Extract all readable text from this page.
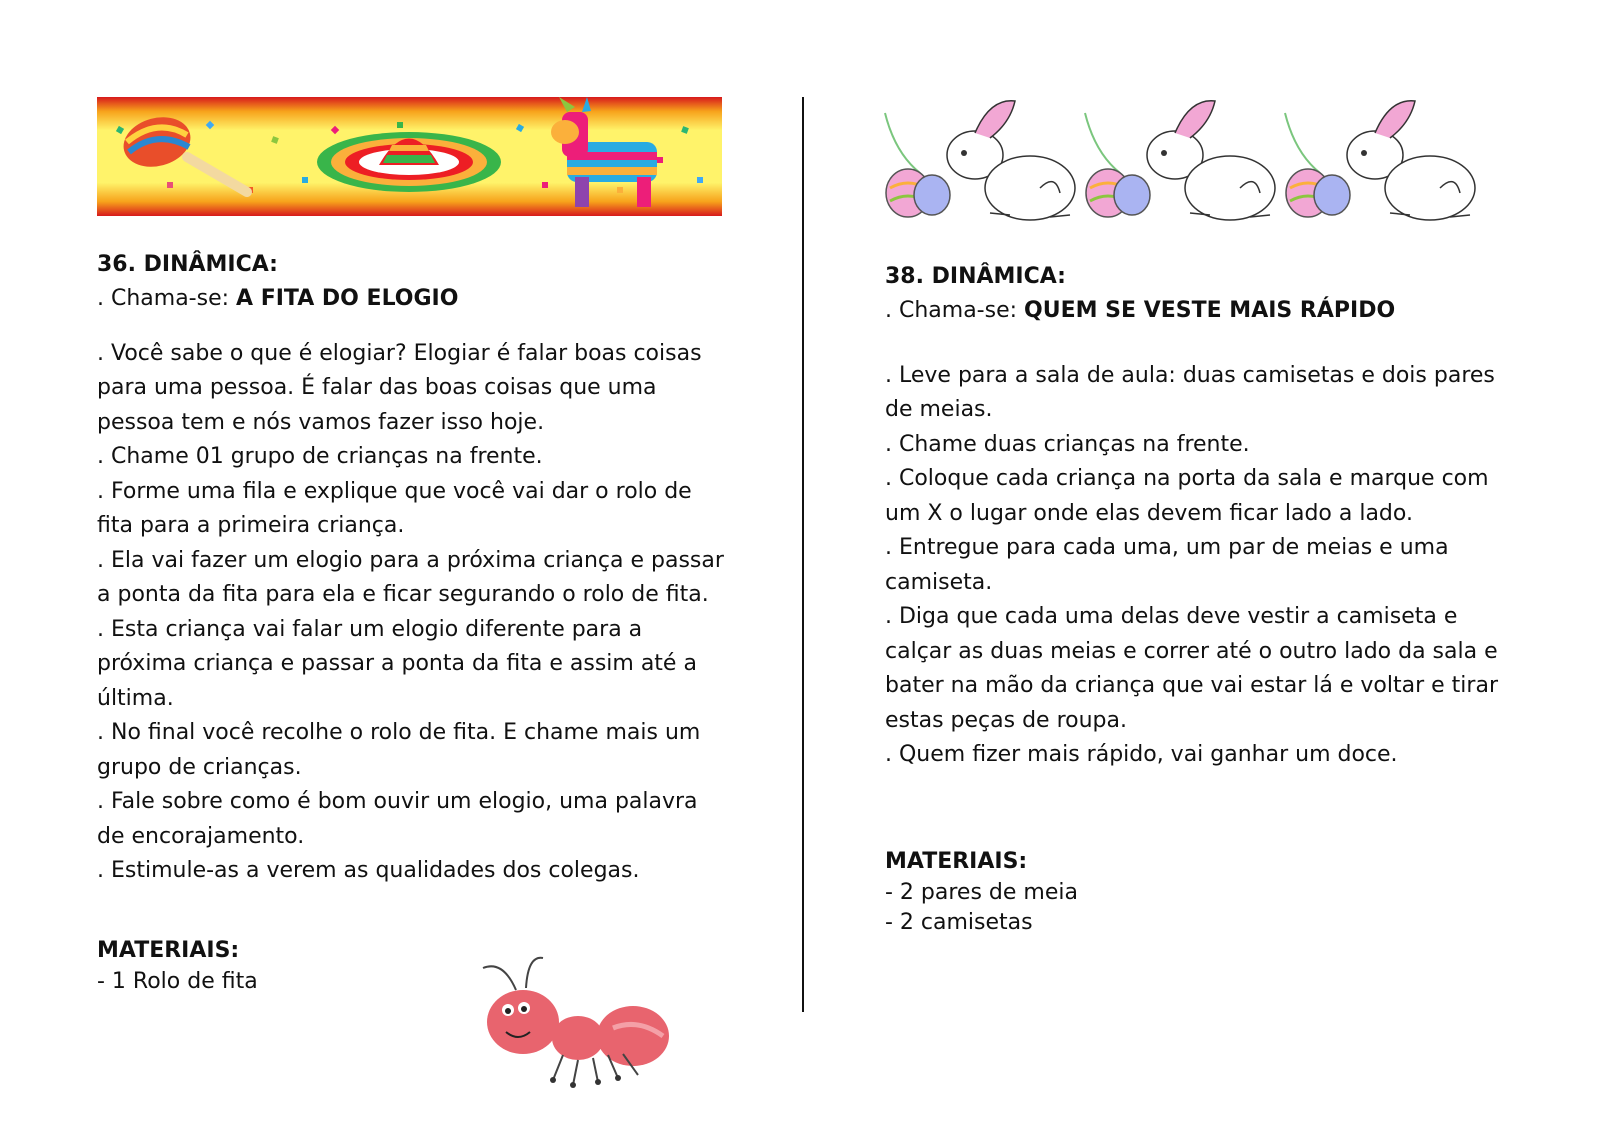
36. DINÂMICA:

. Chama-se: A FITA DO ELOGIO

. Você sabe o que é elogiar? Elogiar é falar boas coisas

para uma pessoa. É falar das boas coisas que uma

pessoa tem e nós vamos fazer isso hoje.

. Chame 01 grupo de crianças na frente.

. Forme uma fila e explique que você vai dar o rolo de

fita para a primeira criança.

. Ela vai fazer um elogio para a próxima criança e passar

a ponta da fita para ela e ficar segurando o rolo de fita.

. Esta criança vai falar um elogio diferente para a

próxima criança e passar a ponta da fita e assim até a

última.

. No final você recolhe o rolo de fita. E chame mais um

grupo de crianças.

. Fale sobre como é bom ouvir um elogio, uma palavra

de encorajamento.

. Estimule-as a verem as qualidades dos colegas.

MATERIAIS:

- 1 Rolo de fita

38. DINÂMICA:

. Chama-se: QUEM SE VESTE MAIS RÁPIDO

. Leve para a sala de aula: duas camisetas e dois pares

de meias.

. Chame duas crianças na frente.

. Coloque cada criança na porta da sala e marque com

um X o lugar onde elas devem ficar lado a lado.

. Entregue para cada uma, um par de meias e uma

camiseta.

. Diga que cada uma delas deve vestir a camiseta e

calçar as duas meias e correr até o outro lado da sala e

bater na mão da criança que vai estar lá e voltar e tirar

estas peças de roupa.

. Quem fizer mais rápido, vai ganhar um doce.

MATERIAIS:

- 2 pares de meia

- 2 camisetas
